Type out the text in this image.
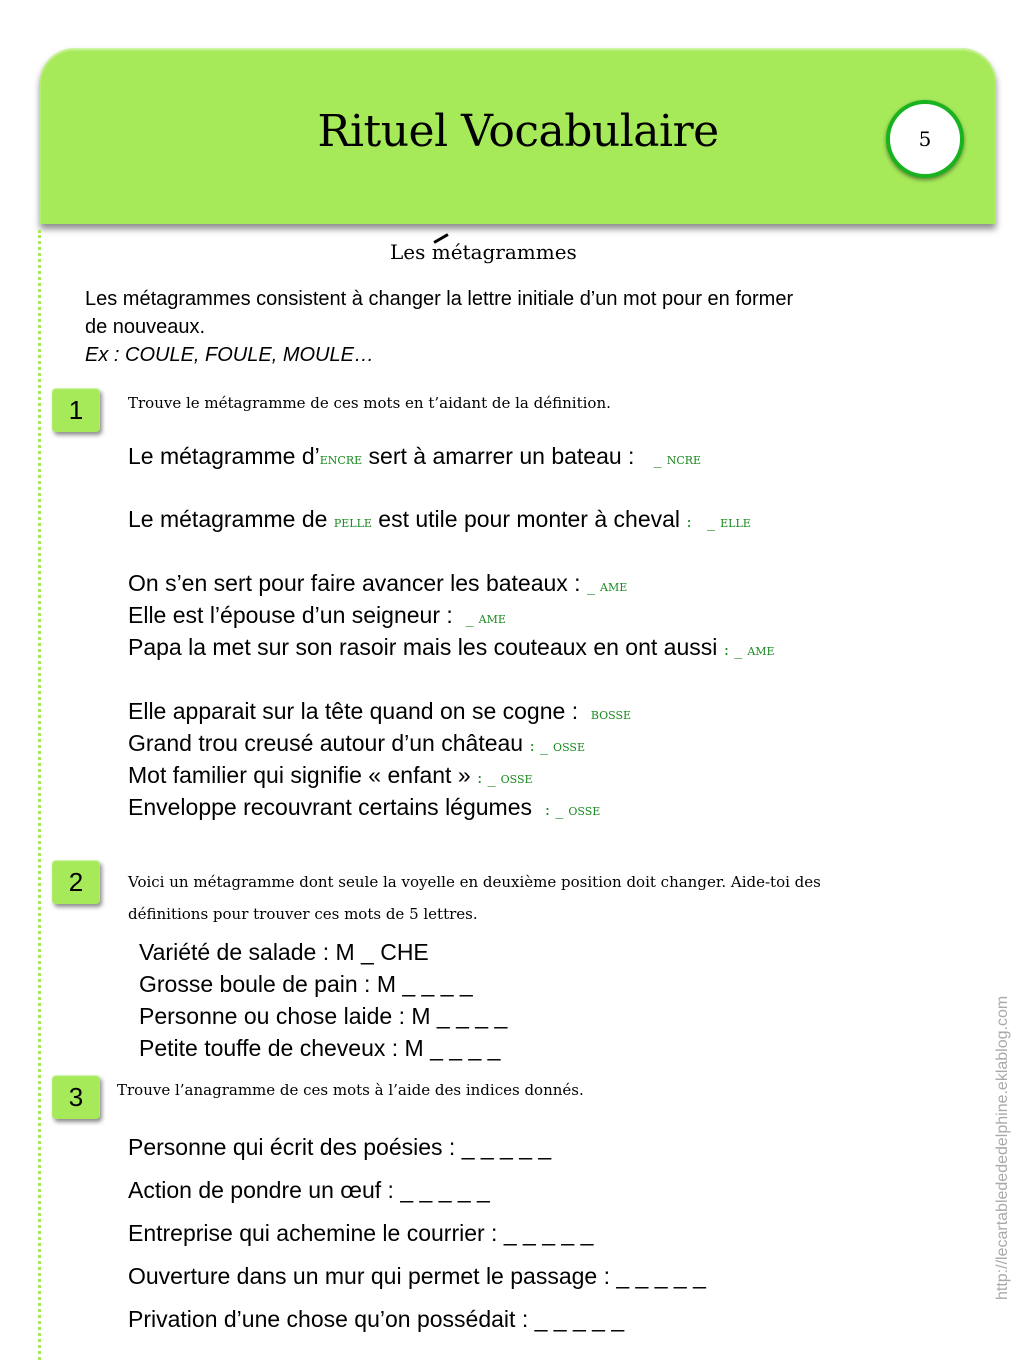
Rituel Vocabulaire	5
Les métagrammes
Les métagrammes consistent à changer la lettre initiale d’un mot pour en former
de nouveaux.
Ex : COULE, FOULE, MOULE…
1	Trouve le métagramme de ces mots en t’aidant de la définition.
Le métagramme d’encre sert à amarrer un bateau :   _ ncre
Le métagramme de pelle est utile pour monter à cheval :   _ elle
On s’en sert pour faire avancer les bateaux : _ ame
Elle est l’épouse d’un seigneur :  _ ame
Papa la met sur son rasoir mais les couteaux en ont aussi : _ ame
Elle apparait sur la tête quand on se cogne :  bosse
Grand trou creusé autour d’un château : _ osse
Mot familier qui signifie « enfant » : _ osse
Enveloppe recouvrant certains légumes  : _ osse
2	Voici un métagramme dont seule la voyelle en deuxième position doit changer. Aide-toi des
définitions pour trouver ces mots de 5 lettres.
Variété de salade : M _ CHE
Grosse boule de pain : M _ _ _ _
Personne ou chose laide : M _ _ _ _
Petite touffe de cheveux : M _ _ _ _
3	Trouve l’anagramme de ces mots à l’aide des indices donnés.
Personne qui écrit des poésies : _ _ _ _ _
Action de pondre un œuf : _ _ _ _ _
Entreprise qui achemine le courrier : _ _ _ _ _
Ouverture dans un mur qui permet le passage : _ _ _ _ _
Privation d’une chose qu’on possédait : _ _ _ _ _
http://lecartabledede​delphine.eklablog.com
